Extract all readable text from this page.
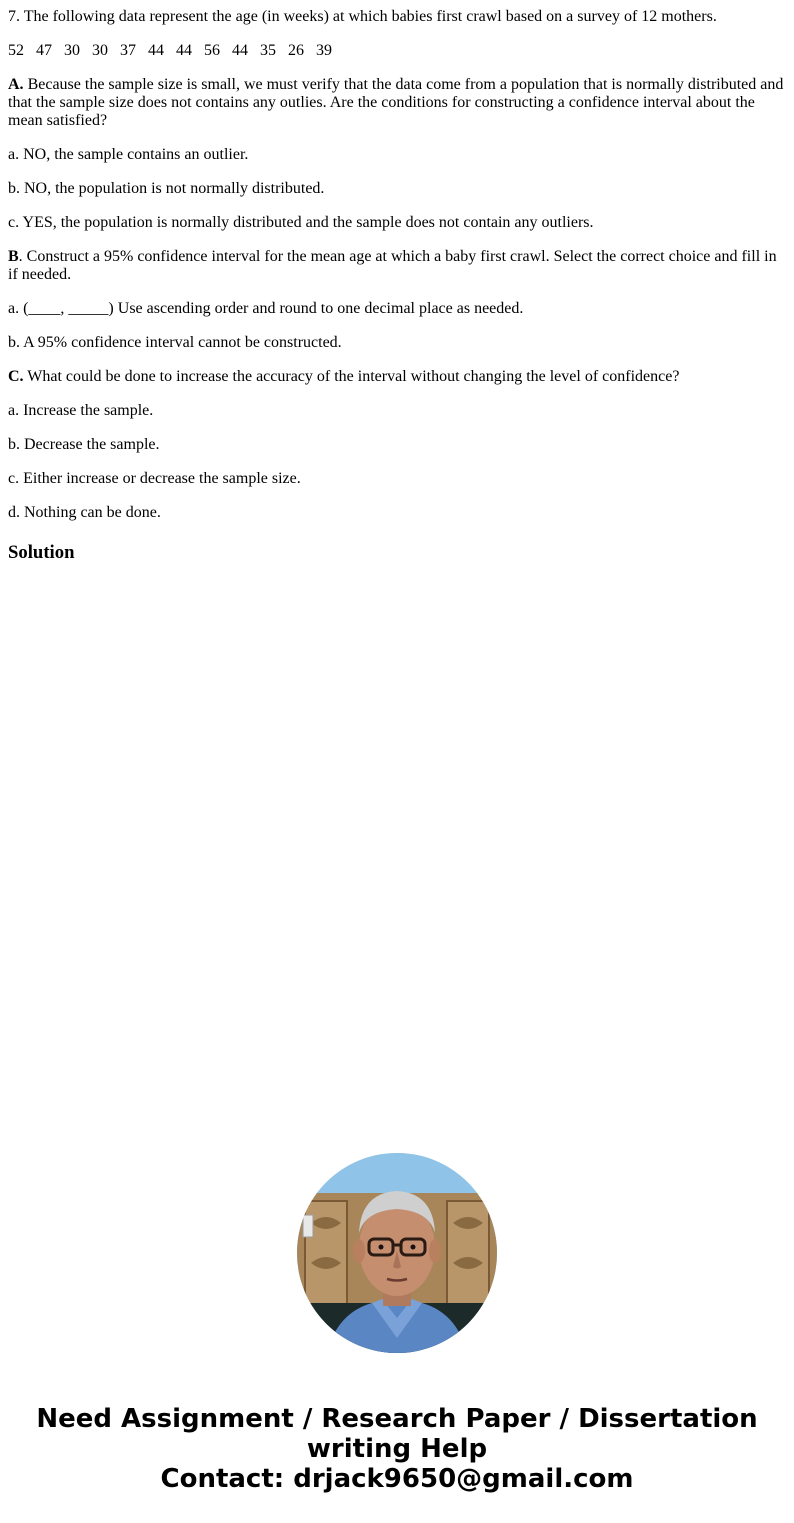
7. The following data represent the age (in weeks) at which babies first crawl based on a survey of 12 mothers.

52   47   30   30   37   44   44   56   44   35   26   39

A. Because the sample size is small, we must verify that the data come from a population that is normally distributed and that the sample size does not contains any outlies. Are the conditions for constructing a confidence interval about the mean satisfied?

a. NO, the sample contains an outlier.

b. NO, the population is not normally distributed.

c. YES, the population is normally distributed and the sample does not contain any outliers.

B. Construct a 95% confidence interval for the mean age at which a baby first crawl. Select the correct choice and fill in if needed.

a. (____, _____) Use ascending order and round to one decimal place as needed.

b. A 95% confidence interval cannot be constructed.

C. What could be done to increase the accuracy of the interval without changing the level of confidence?

a. Increase the sample.

b. Decrease the sample.

c. Either increase or decrease the sample size.

d. Nothing can be done.

Solution
Need Assignment / Research Paper / Dissertation
writing Help
Contact: drjack9650@gmail.com
